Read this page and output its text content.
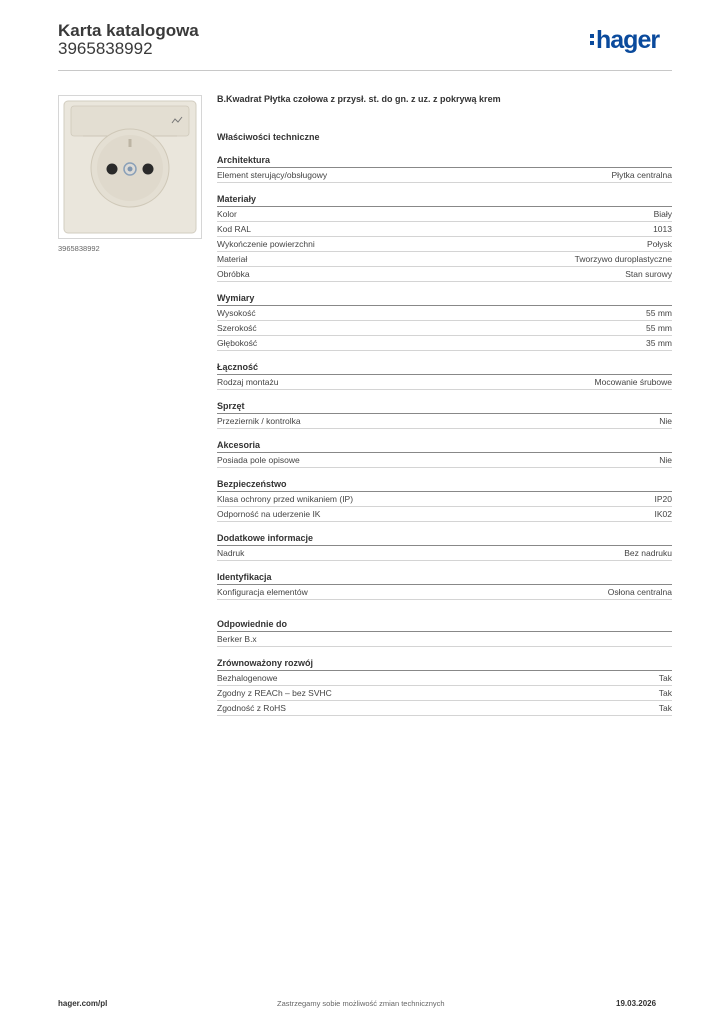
Karta katalogowa
3965838992	hager
3965838992
B.Kwadrat Płytka czołowa z przysł. st. do gn. z uz. z pokrywą krem
Właściwości techniczne
Architektura
Element sterujący/obsługowy	Płytka centralna
Materiały
Kolor	Biały
Kod RAL	1013
Wykończenie powierzchni	Połysk
Materiał	Tworzywo duroplastyczne
Obróbka	Stan surowy
Wymiary
Wysokość	55 mm
Szerokość	55 mm
Głębokość	35 mm
Łączność
Rodzaj montażu	Mocowanie śrubowe
Sprzęt
Przeziernik / kontrolka	Nie
Akcesoria
Posiada pole opisowe	Nie
Bezpieczeństwo
Klasa ochrony przed wnikaniem (IP)	IP20
Odporność na uderzenie IK	IK02
Dodatkowe informacje
Nadruk	Bez nadruku
Identyfikacja
Konfiguracja elementów	Osłona centralna
Odpowiednie do
Berker B.x
Zrównoważony rozwój
Bezhalogenowe	Tak
Zgodny z REACh – bez SVHC	Tak
Zgodność z RoHS	Tak
hager.com/pl	Zastrzegamy sobie możliwość zmian technicznych	19.03.2026
